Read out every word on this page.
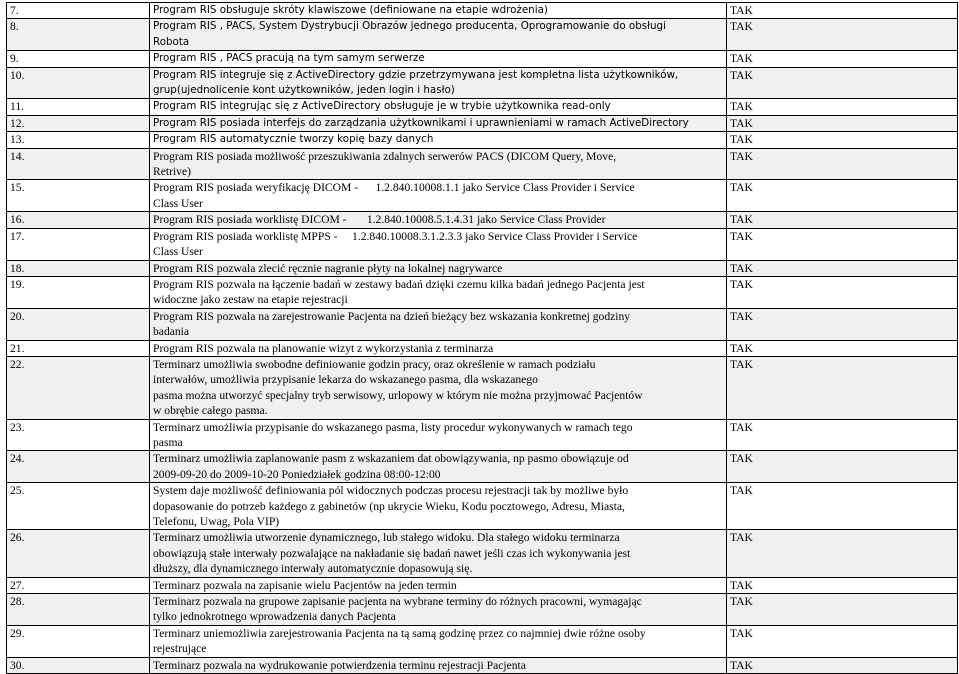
7.	Program RIS obsługuje skróty klawiszowe (definiowane na etapie wdrożenia)	TAK
8.	Program RIS , PACS, System Dystrybucji Obrazów jednego producenta, Oprogramowanie do obsługi
Robota	TAK
9.	Program RIS , PACS pracują na tym samym serwerze	TAK
10.	Program RIS integruje się z ActiveDirectory gdzie przetrzymywana jest kompletna lista użytkowników,
grup(ujednolicenie kont użytkowników, jeden login i hasło)	TAK
11.	Program RIS integrując się z ActiveDirectory obsługuje je w trybie użytkownika read-only	TAK
12.	Program RIS posiada interfejs do zarządzania użytkownikami i uprawnieniami w ramach ActiveDirectory	TAK
13.	Program RIS automatycznie tworzy kopię bazy danych	TAK
14.	Program RIS posiada możliwość przeszukiwania zdalnych serwerów PACS (DICOM Query, Move,
Retrive)	TAK
15.	Program RIS posiada weryfikację DICOM -      1.2.840.10008.1.1 jako Service Class Provider i Service
Class User	TAK
16.	Program RIS posiada worklistę DICOM -       1.2.840.10008.5.1.4.31 jako Service Class Provider	TAK
17.	Program RIS posiada worklistę MPPS -     1.2.840.10008.3.1.2.3.3 jako Service Class Provider i Service
Class User	TAK
18.	Program RIS pozwala zlecić ręcznie nagranie płyty na lokalnej nagrywarce	TAK
19.	Program RIS pozwala na łączenie badań w zestawy badań dzięki czemu kilka badań jednego Pacjenta jest
widoczne jako zestaw na etapie rejestracji	TAK
20.	Program RIS pozwala na zarejestrowanie Pacjenta na dzień bieżący bez wskazania konkretnej godziny
badania	TAK
21.	Program RIS pozwala na planowanie wizyt z wykorzystania z terminarza	TAK
22.	Terminarz umożliwia swobodne definiowanie godzin pracy, oraz określenie w ramach podziału
interwałów, umożliwia przypisanie lekarza do wskazanego pasma, dla wskazanego
pasma można utworzyć specjalny tryb serwisowy, urlopowy w którym nie można przyjmować Pacjentów
w obrębie całego pasma.	TAK
23.	Terminarz umożliwia przypisanie do wskazanego pasma, listy procedur wykonywanych w ramach tego
pasma	TAK
24.	Terminarz umożliwia zaplanowanie pasm z wskazaniem dat obowiązywania, np pasmo obowiązuje od
2009-09-20 do 2009-10-20 Poniedziałek godzina 08:00-12:00	TAK
25.	System daje możliwość definiowania pól widocznych podczas procesu rejestracji tak by możliwe było
dopasowanie do potrzeb każdego z gabinetów (np ukrycie Wieku, Kodu pocztowego, Adresu, Miasta,
Telefonu, Uwag, Pola VIP)	TAK
26.	Terminarz umożliwia utworzenie dynamicznego, lub stałego widoku. Dla stałego widoku terminarza
obowiązują stałe interwały pozwalające na nakładanie się badań nawet jeśli czas ich wykonywania jest
dłuższy, dla dynamicznego interwały automatycznie dopasowują się.	TAK
27.	Terminarz pozwala na zapisanie wielu Pacjentów na jeden termin	TAK
28.	Terminarz pozwala na grupowe zapisanie pacjenta na wybrane terminy do różnych pracowni, wymagając
tylko jednokrotnego wprowadzenia danych Pacjenta	TAK
29.	Terminarz uniemożliwia zarejestrowania Pacjenta na tą samą godzinę przez co najmniej dwie różne osoby
rejestrujące	TAK
30.	Terminarz pozwala na wydrukowanie potwierdzenia terminu rejestracji Pacjenta	TAK
